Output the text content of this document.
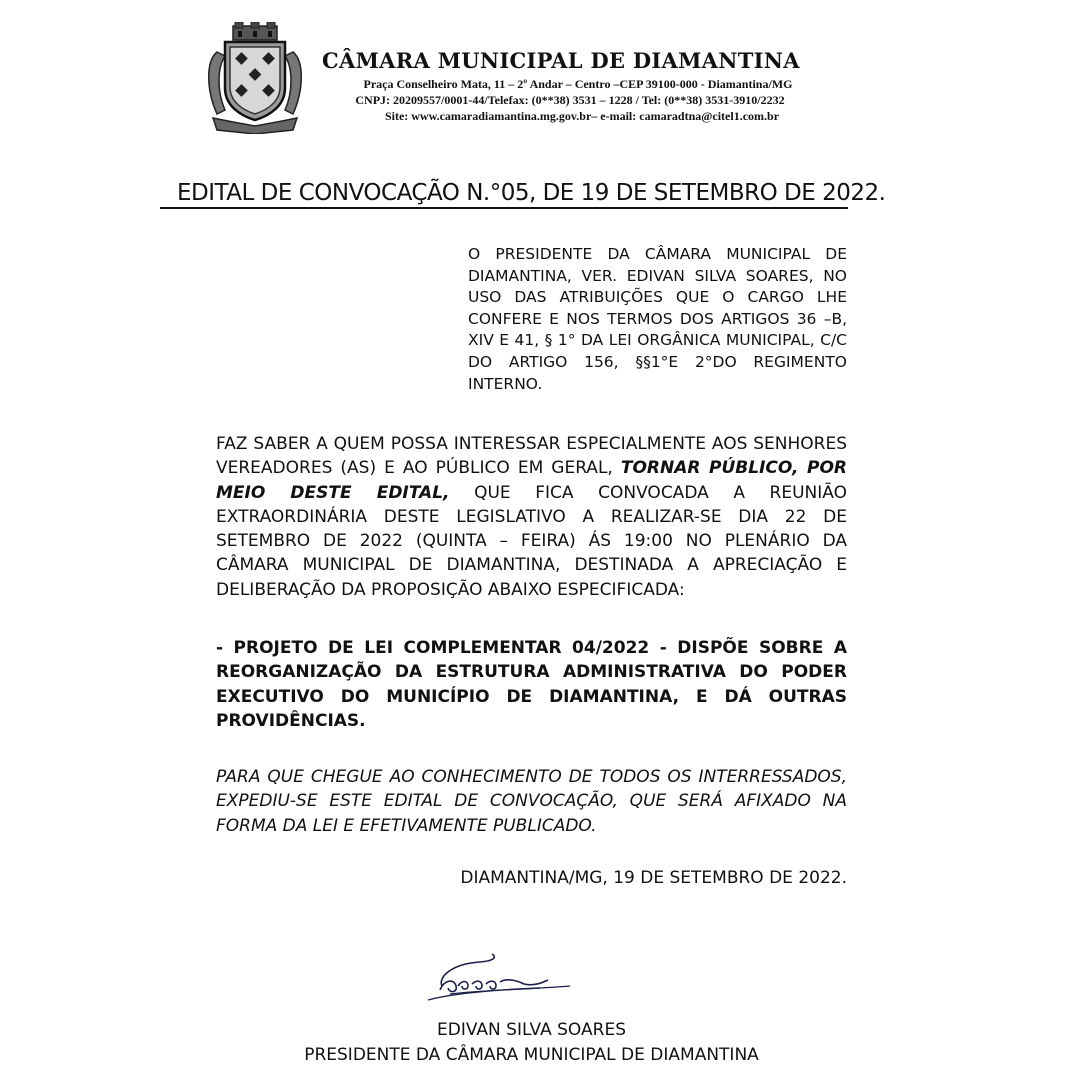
CÂMARA MUNICIPAL DE DIAMANTINA
Praça Conselheiro Mata, 11 – 2º Andar – Centro –CEP 39100-000 - Diamantina/MG
CNPJ: 20209557/0001-44/Telefax: (0**38) 3531 – 1228 / Tel: (0**38) 3531-3910/2232
Site: www.camaradiamantina.mg.gov.br– e-mail: camaradtna@citel1.com.br
EDITAL DE CONVOCAÇÃO N.°05, DE 19 DE SETEMBRO DE 2022.
O PRESIDENTE DA CÂMARA MUNICIPAL DE DIAMANTINA, VER. EDIVAN SILVA SOARES, NO USO DAS ATRIBUIÇÕES QUE O CARGO LHE CONFERE E NOS TERMOS DOS ARTIGOS 36 –B, XIV E 41, § 1° DA LEI ORGÂNICA MUNICIPAL, C/C DO ARTIGO 156, §§1°E 2°DO REGIMENTO INTERNO.
FAZ SABER A QUEM POSSA INTERESSAR ESPECIALMENTE AOS SENHORES VEREADORES (AS) E AO PÚBLICO EM GERAL, TORNAR PÚBLICO, POR MEIO DESTE EDITAL, QUE FICA CONVOCADA A REUNIÃO EXTRAORDINÁRIA DESTE LEGISLATIVO A REALIZAR-SE DIA 22 DE SETEMBRO DE 2022 (QUINTA – FEIRA) ÁS 19:00 NO PLENÁRIO DA CÂMARA MUNICIPAL DE DIAMANTINA, DESTINADA A APRECIAÇÃO E DELIBERAÇÃO DA PROPOSIÇÃO ABAIXO ESPECIFICADA:
- PROJETO DE LEI COMPLEMENTAR 04/2022 - DISPÕE SOBRE A REORGANIZAÇÃO DA ESTRUTURA ADMINISTRATIVA DO PODER EXECUTIVO DO MUNICÍPIO DE DIAMANTINA, E DÁ OUTRAS PROVIDÊNCIAS.
PARA QUE CHEGUE AO CONHECIMENTO DE TODOS OS INTERRESSADOS, EXPEDIU-SE ESTE EDITAL DE CONVOCAÇÃO, QUE SERÁ AFIXADO NA FORMA DA LEI E EFETIVAMENTE PUBLICADO.
DIAMANTINA/MG, 19 DE SETEMBRO DE 2022.
EDIVAN SILVA SOARES
PRESIDENTE DA CÂMARA MUNICIPAL DE DIAMANTINA
